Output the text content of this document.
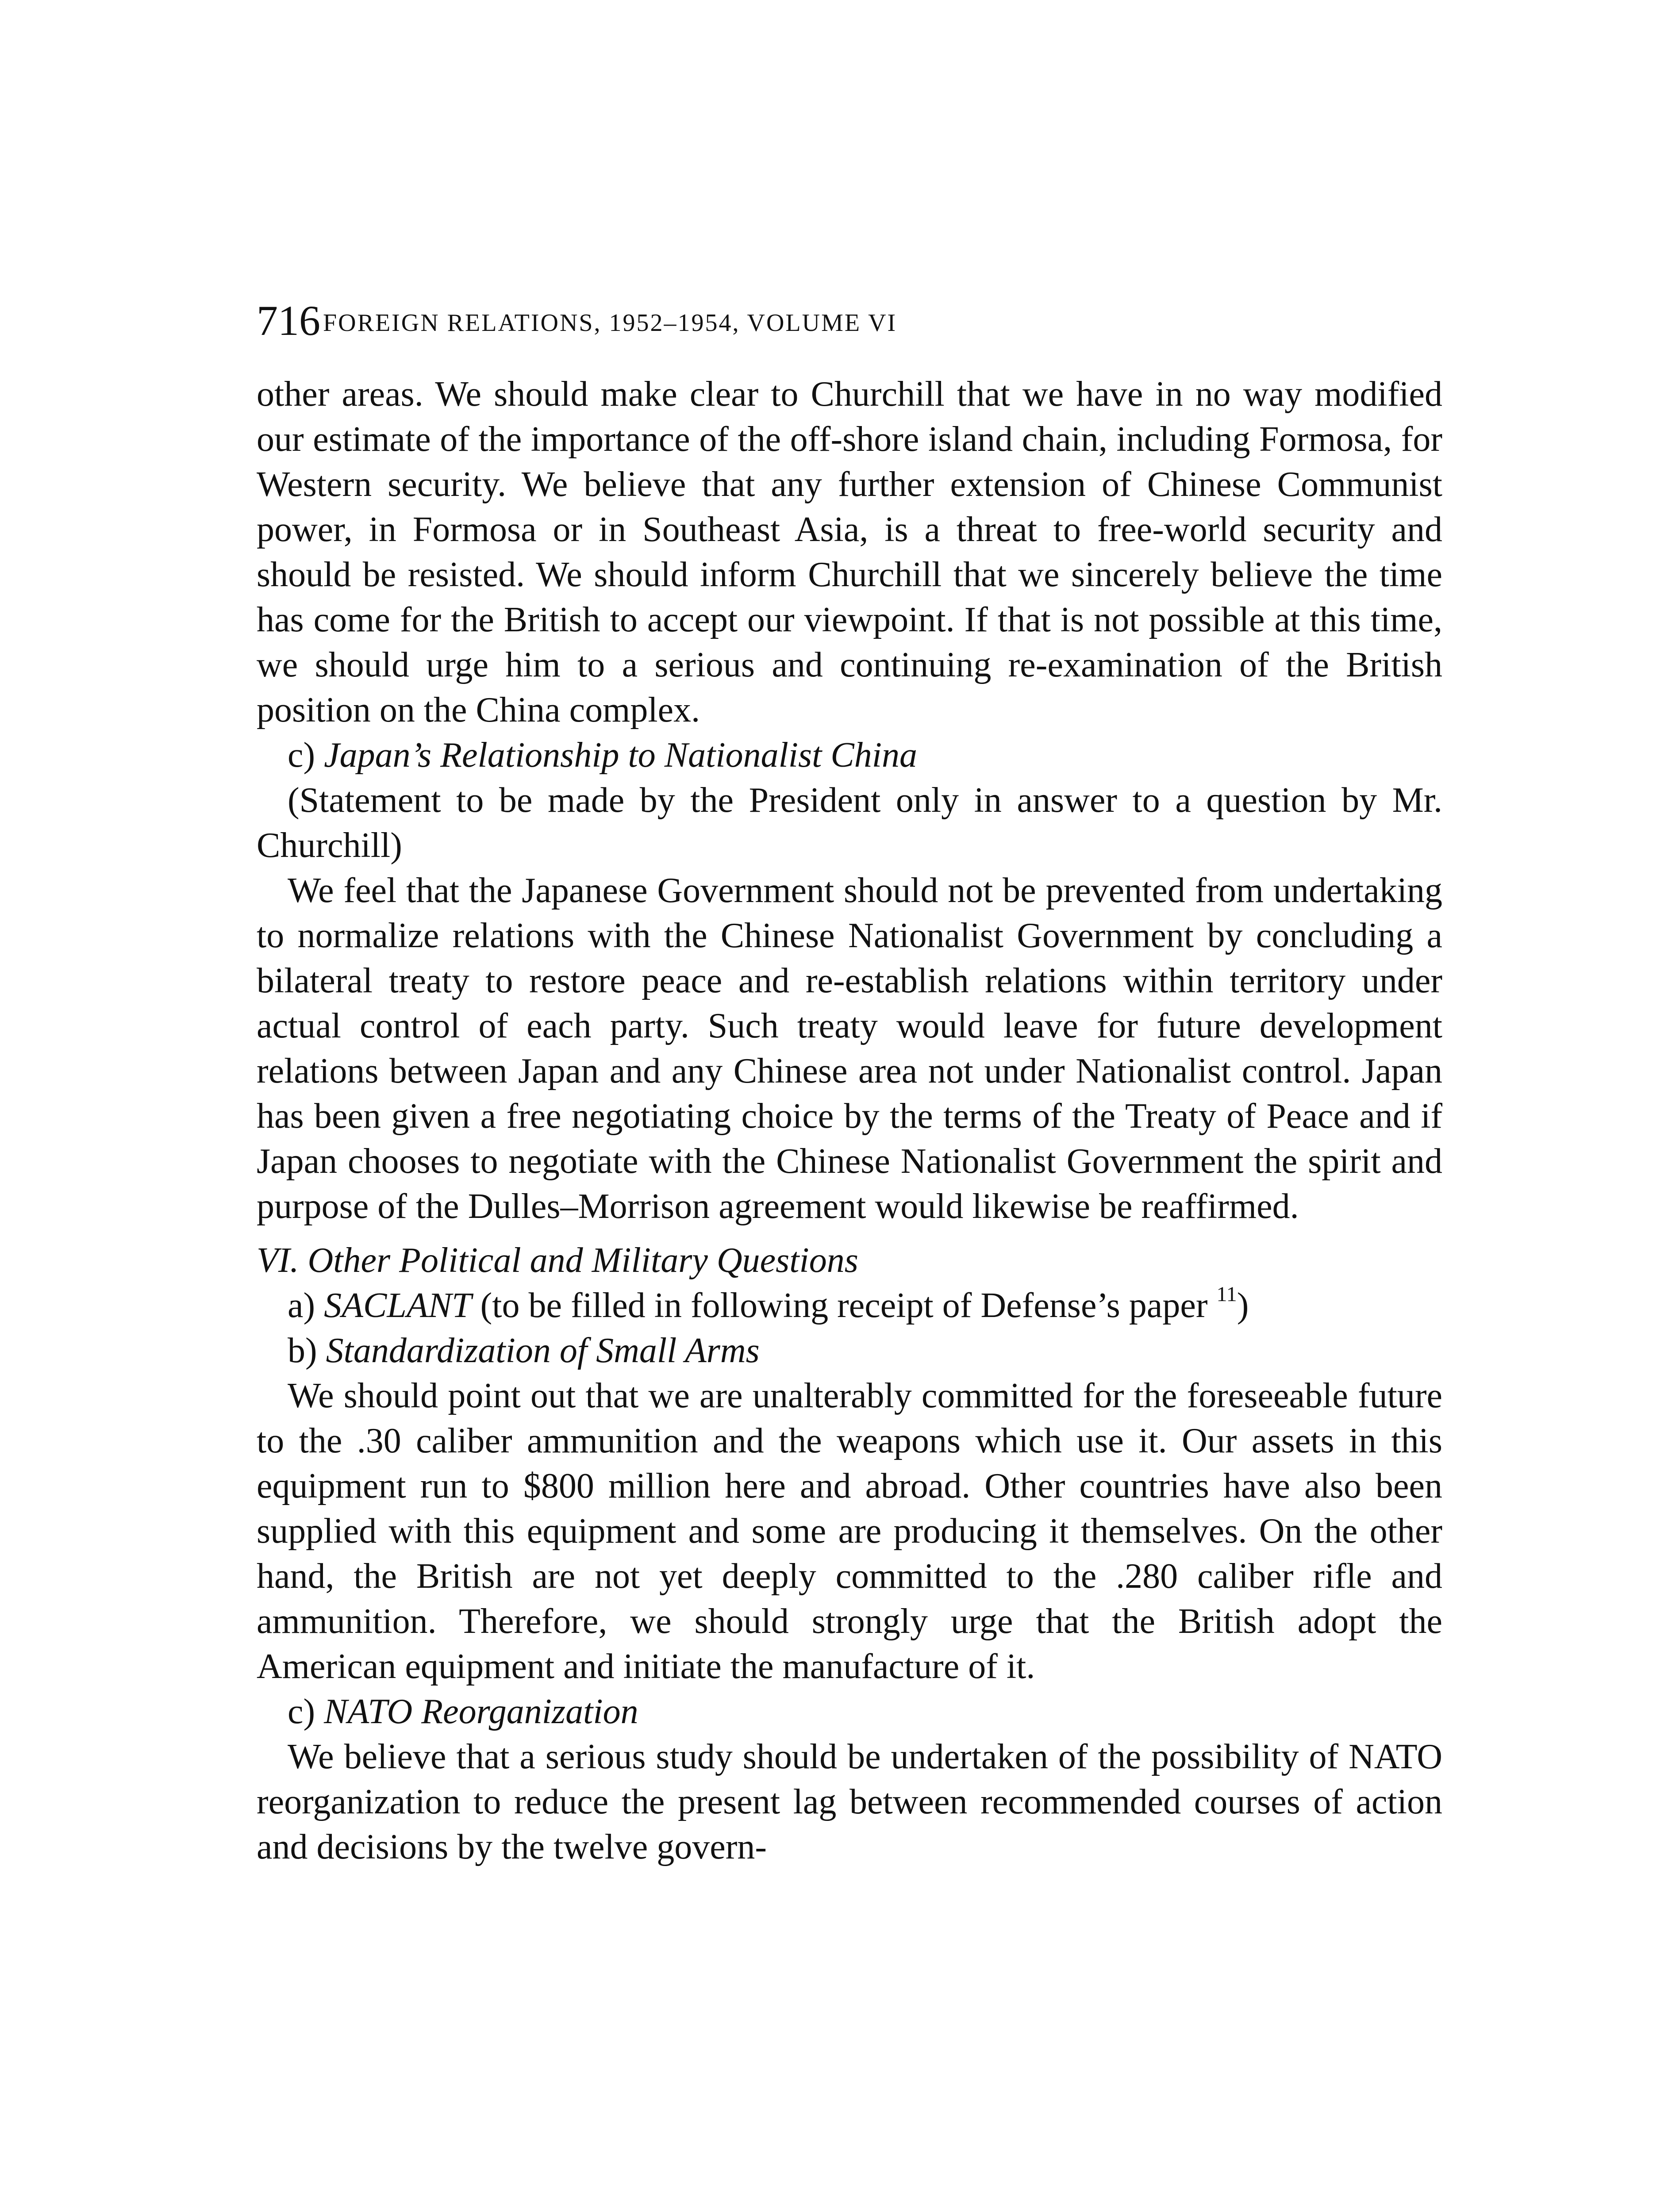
716 FOREIGN RELATIONS, 1952–1954, VOLUME VI

other areas. We should make clear to Churchill that we have in no way modified our estimate of the importance of the off-shore island chain, including Formosa, for Western security. We believe that any further extension of Chinese Communist power, in Formosa or in Southeast Asia, is a threat to free-world security and should be resisted. We should inform Churchill that we sincerely believe the time has come for the British to accept our viewpoint. If that is not possible at this time, we should urge him to a serious and continuing re-examination of the British position on the China complex.

c) Japan’s Relationship to Nationalist China

(Statement to be made by the President only in answer to a question by Mr. Churchill)

We feel that the Japanese Government should not be prevented from undertaking to normalize relations with the Chinese Nationalist Government by concluding a bilateral treaty to restore peace and re-establish relations within territory under actual control of each party. Such treaty would leave for future development relations between Japan and any Chinese area not under Nationalist control. Japan has been given a free negotiating choice by the terms of the Treaty of Peace and if Japan chooses to negotiate with the Chinese Nationalist Government the spirit and purpose of the Dulles–Morrison agreement would likewise be reaffirmed.

VI. Other Political and Military Questions

a) SACLANT (to be filled in following receipt of Defense’s paper $^{11}$)

b) Standardization of Small Arms

We should point out that we are unalterably committed for the foreseeable future to the .30 caliber ammunition and the weapons which use it. Our assets in this equipment run to $800 million here and abroad. Other countries have also been supplied with this equipment and some are producing it themselves. On the other hand, the British are not yet deeply committed to the .280 caliber rifle and ammunition. Therefore, we should strongly urge that the British adopt the American equipment and initiate the manufacture of it.

c) NATO Reorganization

We believe that a serious study should be undertaken of the possibility of NATO reorganization to reduce the present lag between recommended courses of action and decisions by the twelve govern-
